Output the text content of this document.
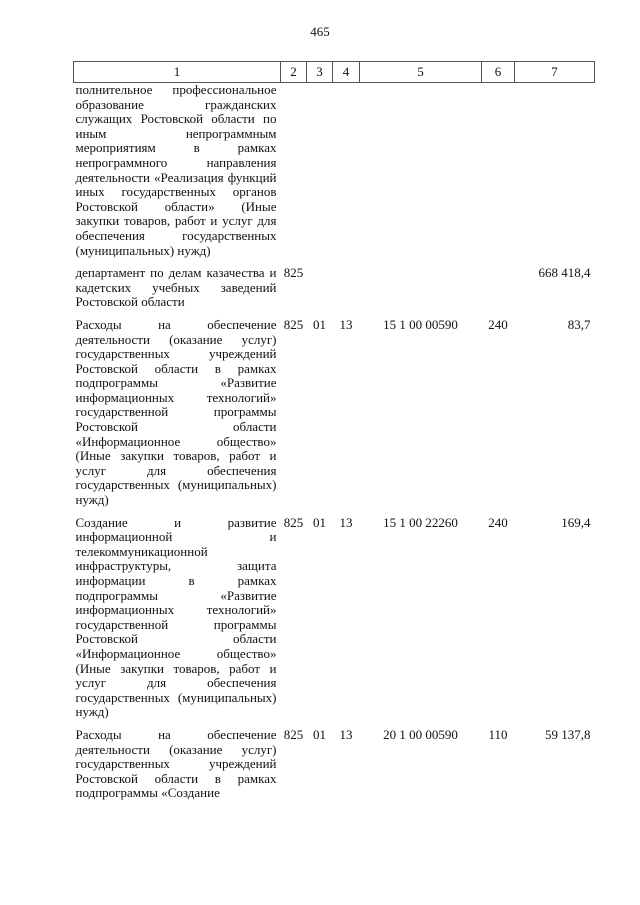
465
1	2	3	4	5	6	7
полнительное профессиональное образование гражданских служащих Ростовской области по иным непрограммным мероприятиям в рамках непрограммного направления деятельности «Реализация функций иных государственных органов Ростовской области» (Иные закупки товаров, работ и услуг для обеспечения государственных (муниципальных) нужд)						
департамент по делам казачества и кадетских учебных заведений Ростовской области	825					668 418,4
Расходы на обеспечение деятельности (оказание услуг) государственных учреждений Ростовской области в рамках подпрограммы «Развитие информационных технологий» государственной программы Ростовской области «Информационное общество» (Иные закупки товаров, работ и услуг для обеспечения государственных (муниципальных) нужд)	825	01	13	15 1 00 00590	240	83,7
Создание и развитие информационной и телекоммуникационной инфраструктуры, защита информации в рамках подпрограммы «Развитие информационных технологий» государственной программы Ростовской области «Информационное общество» (Иные закупки товаров, работ и услуг для обеспечения государственных (муниципальных) нужд)	825	01	13	15 1 00 22260	240	169,4
Расходы на обеспечение деятельности (оказание услуг) государственных учреждений Ростовской области в рамках подпрограммы «Создание	825	01	13	20 1 00 00590	110	59 137,8
